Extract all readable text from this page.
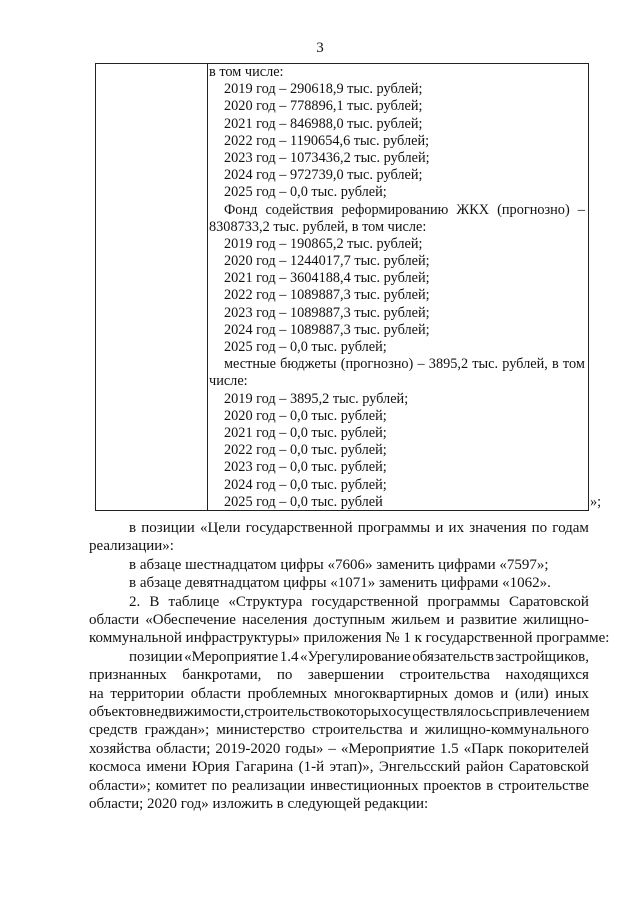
3
в том числе:
2019 год – 290618,9 тыс. рублей;
2020 год – 778896,1 тыс. рублей;
2021 год – 846988,0 тыс. рублей;
2022 год – 1190654,6 тыс. рублей;
2023 год – 1073436,2 тыс. рублей;
2024 год – 972739,0 тыс. рублей;
2025 год – 0,0 тыс. рублей;
Фонд содействия реформированию ЖКХ (прогнозно) –
8308733,2 тыс. рублей, в том числе:
2019 год – 190865,2 тыс. рублей;
2020 год – 1244017,7 тыс. рублей;
2021 год – 3604188,4 тыс. рублей;
2022 год – 1089887,3 тыс. рублей;
2023 год – 1089887,3 тыс. рублей;
2024 год – 1089887,3 тыс. рублей;
2025 год – 0,0 тыс. рублей;
местные бюджеты (прогнозно) – 3895,2 тыс. рублей, в том
числе:
2019 год – 3895,2 тыс. рублей;
2020 год – 0,0 тыс. рублей;
2021 год – 0,0 тыс. рублей;
2022 год – 0,0 тыс. рублей;
2023 год – 0,0 тыс. рублей;
2024 год – 0,0 тыс. рублей;
2025 год – 0,0 тыс. рублей	»;
в позиции «Цели государственной программы и их значения по годам
реализации»:
в абзаце шестнадцатом цифры «7606» заменить цифрами «7597»;
в абзаце девятнадцатом цифры «1071» заменить цифрами «1062».
2. В таблице «Структура государственной программы Саратовской
области «Обеспечение населения доступным жильем и развитие жилищно-
коммунальной инфраструктуры» приложения № 1 к государственной программе:
позиции «Мероприятие 1.4 «Урегулирование обязательств застройщиков,
признанных банкротами, по завершении строительства находящихся
на территории области проблемных многоквартирных домов и (или) иных
объектов недвижимости, строительство которых осуществлялось с привлечением
средств граждан»; министерство строительства и жилищно-коммунального
хозяйства области; 2019-2020 годы» – «Мероприятие 1.5 «Парк покорителей
космоса имени Юрия Гагарина (1-й этап)», Энгельсский район Саратовской
области»; комитет по реализации инвестиционных проектов в строительстве
области; 2020 год» изложить в следующей редакции:
